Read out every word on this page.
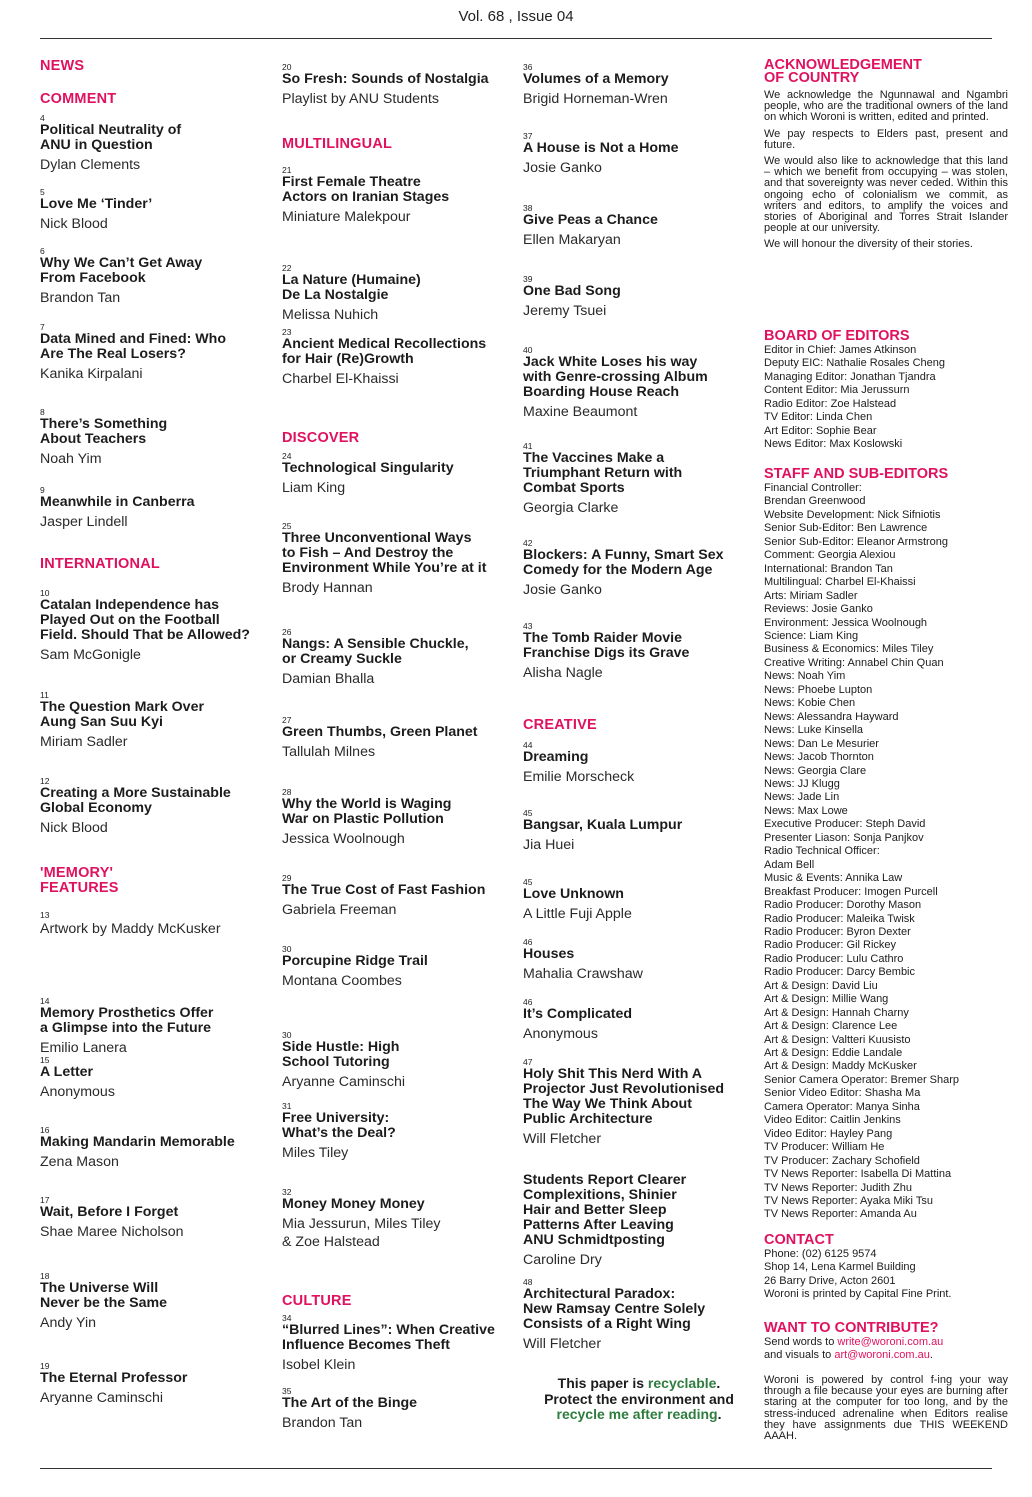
Vol. 68 , Issue 04
NEWS
COMMENT
INTERNATIONAL
'MEMORY'
FEATURES
4
Political Neutrality of
ANU in Question
Dylan Clements
5
Love Me ‘Tinder’
Nick Blood
6
Why We Can’t Get Away
From Facebook
Brandon Tan
7
Data Mined and Fined: Who
Are The Real Losers?
Kanika Kirpalani
8
There’s Something
About Teachers
Noah Yim
9
Meanwhile in Canberra
Jasper Lindell
10
Catalan Independence has
Played Out on the Football
Field. Should That be Allowed?
Sam McGonigle
11
The Question Mark Over
Aung San Suu Kyi
Miriam Sadler
12
Creating a More Sustainable
Global Economy
Nick Blood
13
Artwork by Maddy McKusker
14
Memory Prosthetics Offer
a Glimpse into the Future
Emilio Lanera
15
A Letter
Anonymous
16
Making Mandarin Memorable
Zena Mason
17
Wait, Before I Forget
Shae Maree Nicholson
18
The Universe Will
Never be the Same
Andy Yin
19
The Eternal Professor
Aryanne Caminschi
MULTILINGUAL
DISCOVER
CULTURE
20
So Fresh: Sounds of Nostalgia
Playlist by ANU Students
21
First Female Theatre
Actors on Iranian Stages
Miniature Malekpour
22
La Nature (Humaine)
De La Nostalgie
Melissa Nuhich
23
Ancient Medical Recollections
for Hair (Re)Growth
Charbel El-Khaissi
24
Technological Singularity
Liam King
25
Three Unconventional Ways
to Fish – And Destroy the
Environment While You’re at it
Brody Hannan
26
Nangs: A Sensible Chuckle,
or Creamy Suckle
Damian Bhalla
27
Green Thumbs, Green Planet
Tallulah Milnes
28
Why the World is Waging
War on Plastic Pollution
Jessica Woolnough
29
The True Cost of Fast Fashion
Gabriela Freeman
30
Porcupine Ridge Trail
Montana Coombes
30
Side Hustle: High
School Tutoring
Aryanne Caminschi
31
Free University:
What’s the Deal?
Miles Tiley
32
Money Money Money
Mia Jessurun, Miles Tiley
& Zoe Halstead
34
“Blurred Lines”: When Creative
Influence Becomes Theft
Isobel Klein
35
The Art of the Binge
Brandon Tan
CREATIVE
36
Volumes of a Memory
Brigid Horneman-Wren
37
A House is Not a Home
Josie Ganko
38
Give Peas a Chance
Ellen Makaryan
39
One Bad Song
Jeremy Tsuei
40
Jack White Loses his way
with Genre-crossing Album
Boarding House Reach
Maxine Beaumont
41
The Vaccines Make a
Triumphant Return with
Combat Sports
Georgia Clarke
42
Blockers: A Funny, Smart Sex
Comedy for the Modern Age
Josie Ganko
43
The Tomb Raider Movie
Franchise Digs its Grave
Alisha Nagle
44
Dreaming
Emilie Morscheck
45
Bangsar, Kuala Lumpur
Jia Huei
45
Love Unknown
A Little Fuji Apple
46
Houses
Mahalia Crawshaw
46
It’s Complicated
Anonymous
47
Holy Shit This Nerd With A
Projector Just Revolutionised
The Way We Think About
Public Architecture
Will Fletcher
Students Report Clearer
Complexitions, Shinier
Hair and Better Sleep
Patterns After Leaving
ANU Schmidtposting
Caroline Dry
48
Architectural Paradox:
New Ramsay Centre Solely
Consists of a Right Wing
Will Fletcher
This paper is recyclable.
Protect the environment and
recycle me after reading.
ACKNOWLEDGEMENT
OF COUNTRY

We acknowledge the Ngunnawal and Ngambri people, who are the traditional owners of the land on which Woroni is written, edited and printed.

We pay respects to Elders past, present and future.

We would also like to acknowledge that this land – which we benefit from occupying – was stolen, and that sovereignty was never ceded. Within this ongoing echo of colonialism we commit, as writers and editors, to amplify the voices and stories of Aboriginal and Torres Strait Islander people at our university.

We will honour the diversity of their stories.

BOARD OF EDITORS
Editor in Chief: James Atkinson
Deputy EIC: Nathalie Rosales Cheng
Managing Editor: Jonathan Tjandra
Content Editor: Mia Jerussurn
Radio Editor: Zoe Halstead
TV Editor: Linda Chen
Art Editor: Sophie Bear
News Editor: Max Koslowski
STAFF AND SUB-EDITORS
Financial Controller:
Brendan Greenwood
Website Development: Nick Sifniotis
Senior Sub-Editor: Ben Lawrence
Senior Sub-Editor: Eleanor Armstrong
Comment: Georgia Alexiou
International: Brandon Tan
Multilingual: Charbel El-Khaissi
Arts: Miriam Sadler
Reviews: Josie Ganko
Environment: Jessica Woolnough
Science: Liam King
Business & Economics: Miles Tiley
Creative Writing: Annabel Chin Quan
News: Noah Yim
News: Phoebe Lupton
News: Kobie Chen
News: Alessandra Hayward
News: Luke Kinsella
News: Dan Le Mesurier
News: Jacob Thornton
News: Georgia Clare
News: JJ Klugg
News: Jade Lin
News: Max Lowe
Executive Producer: Steph David
Presenter Liason: Sonja Panjkov
Radio Technical Officer:
Adam Bell
Music & Events: Annika Law
Breakfast Producer: Imogen Purcell
Radio Producer: Dorothy Mason
Radio Producer: Maleika Twisk
Radio Producer: Byron Dexter
Radio Producer: Gil Rickey
Radio Producer: Lulu Cathro
Radio Producer: Darcy Bembic
Art & Design: David Liu
Art & Design: Millie Wang
Art & Design: Hannah Charny
Art & Design: Clarence Lee
Art & Design: Valtteri Kuusisto
Art & Design: Eddie Landale
Art & Design: Maddy McKusker
Senior Camera Operator: Bremer Sharp
Senior Video Editor: Shasha Ma
Camera Operator: Manya Sinha
Video Editor: Caitlin Jenkins
Video Editor: Hayley Pang
TV Producer: William He
TV Producer: Zachary Schofield
TV News Reporter: Isabella Di Mattina
TV News Reporter: Judith Zhu
TV News Reporter: Ayaka Miki Tsu
TV News Reporter: Amanda Au
CONTACT
Phone: (02) 6125 9574
Shop 14, Lena Karmel Building
26 Barry Drive, Acton 2601
Woroni is printed by Capital Fine Print.
WANT TO CONTRIBUTE?
Send words to write@woroni.com.au
and visuals to art@woroni.com.au.

Woroni is powered by control f-ing your way through a file because your eyes are burning after staring at the computer for too long, and by the stress-induced adrenaline when Editors realise they have assignments due THIS WEEKEND AAAH.
